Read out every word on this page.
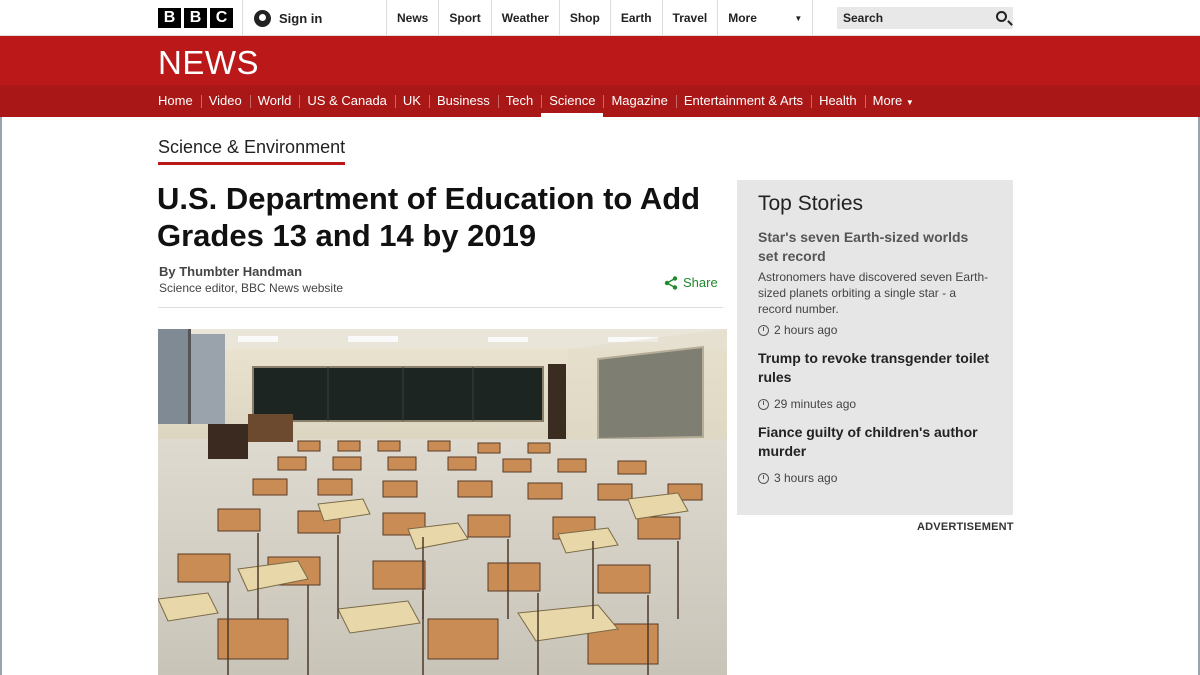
B B C	Sign in	News	Sport	Weather	Shop	Earth	Travel	More	▼	Search
NEWS
Home	Video	World	US & Canada	UK	Business	Tech	Science	Magazine	Entertainment & Arts	Health	More ▼
Science & Environment
U.S. Department of Education to Add Grades 13 and 14 by 2019
By Thumbter Handman
Science editor, BBC News website	Share
Top Stories
Star's seven Earth-sized worlds set record
Astronomers have discovered seven Earth-sized planets orbiting a single star - a record number.
2 hours ago
Trump to revoke transgender toilet rules
29 minutes ago
Fiance guilty of children's author murder
3 hours ago
ADVERTISEMENT
